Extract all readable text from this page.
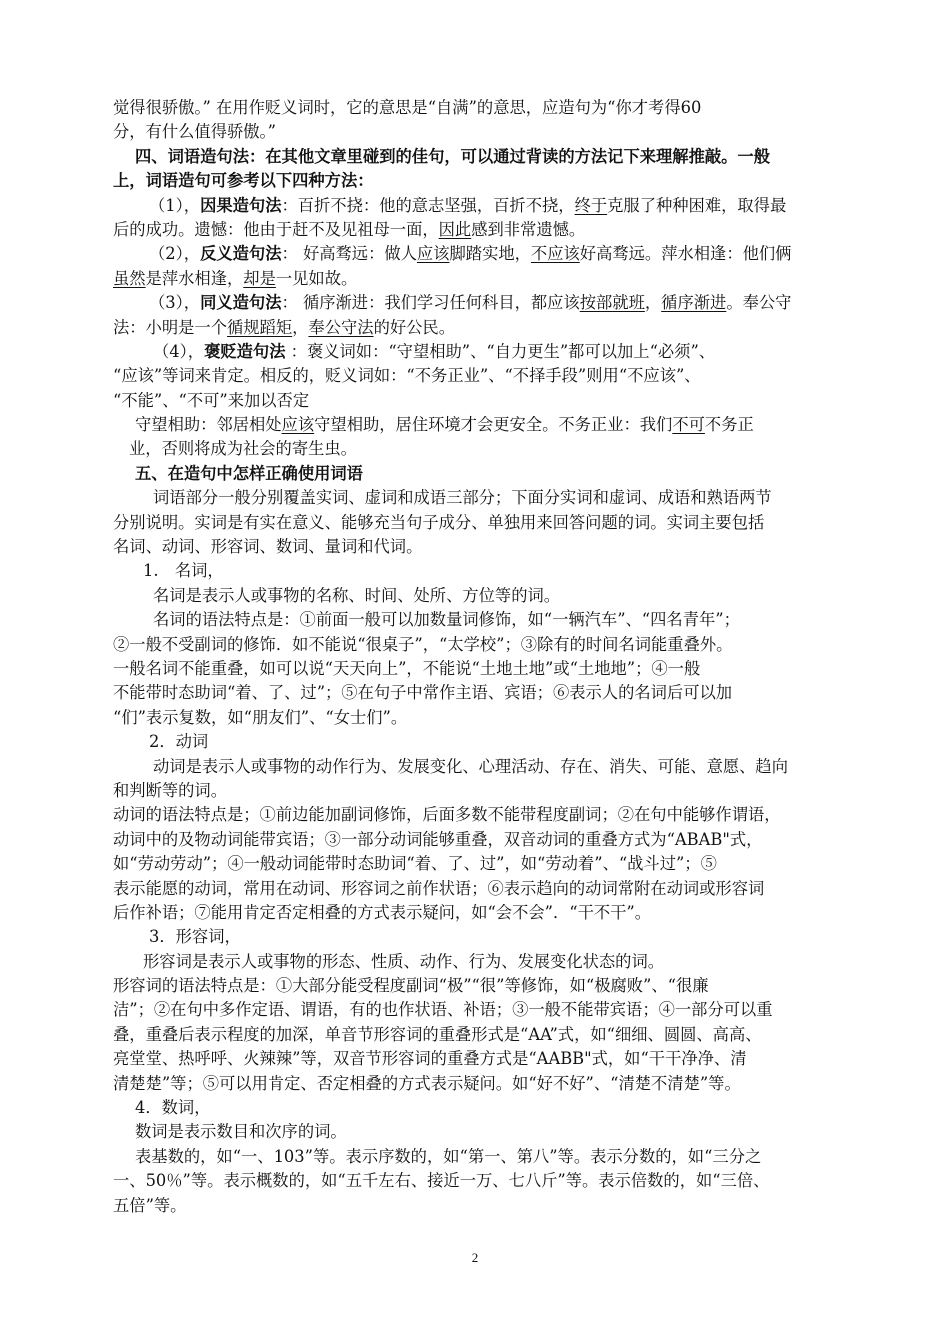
觉得很骄傲。” 在用作贬义词时，它的意思是“自满”的意思，应造句为“你才考得60
分，有什么值得骄傲。”
四、词语造句法：在其他文章里碰到的佳句，可以通过背读的方法记下来理解推敲。一般
上，词语造句可参考以下四种方法：
（1），因果造句法：百折不挠：他的意志坚强，百折不挠，终于克服了种种困难，取得最
后的成功。遗憾：他由于赶不及见祖母一面，因此感到非常遗憾。
（2），反义造句法： 好高骛远：做人应该脚踏实地，不应该好高骛远。萍水相逢：他们俩
虽然是萍水相逢，却是一见如故。
（3），同义造句法： 循序渐进：我们学习任何科目，都应该按部就班，循序渐进。奉公守
法：小明是一个循规蹈矩，奉公守法的好公民。
（4），褒贬造句法 ：褒义词如：“守望相助”、“自力更生”都可以加上“必须”、
“应该”等词来肯定。相反的，贬义词如：“不务正业”、“不择手段”则用“不应该”、
“不能”、“不可”来加以否定
守望相助：邻居相处应该守望相助，居住环境才会更安全。不务正业：我们不可不务正
业，否则将成为社会的寄生虫。
五、在造句中怎样正确使用词语
词语部分一般分别覆盖实词、虚词和成语三部分；下面分实词和虚词、成语和熟语两节
分别说明。实词是有实在意义、能够充当句子成分、单独用来回答问题的词。实词主要包括
名词、动词、形容词、数词、量词和代词。
1.　名词，
名词是表示人或事物的名称、时间、处所、方位等的词。
名词的语法特点是：①前面一般可以加数量词修饰，如“一辆汽车”、“四名青年”；
②一般不受副词的修饰．如不能说“很桌子”，“太学校”；③除有的时间名词能重叠外。
一般名词不能重叠，如可以说“天天向上”，不能说“土地土地”或“土地地”；④一般
不能带时态助词“着、了、过”；⑤在句子中常作主语、宾语；⑥表示人的名词后可以加
“们”表示复数，如“朋友们”、“女士们”。
2．动词
动词是表示人或事物的动作行为、发展变化、心理活动、存在、消失、可能、意愿、趋向
和判断等的词。
动词的语法特点是；①前边能加副词修饰，后面多数不能带程度副词；②在句中能够作谓语，
动词中的及物动词能带宾语；③一部分动词能够重叠，双音动词的重叠方式为“ABAB"式，
如“劳动劳动”；④一般动词能带时态助词“着、了、过”，如“劳动着”、“战斗过”；⑤
表示能愿的动词，常用在动词、形容词之前作状语；⑥表示趋向的动词常附在动词或形容词
后作补语；⑦能用肯定否定相叠的方式表示疑问，如“会不会”．“干不干”。
3．形容词，
形容词是表示人或事物的形态、性质、动作、行为、发展变化状态的词。
形容词的语法特点是：①大部分能受程度副词“极”“很”等修饰，如“极腐败”、“很廉
洁”；②在句中多作定语、谓语，有的也作状语、补语；③一般不能带宾语；④一部分可以重
叠，重叠后表示程度的加深，单音节形容词的重叠形式是“AA”式，如“细细、圆圆、高高、
亮堂堂、热呼呼、火辣辣”等，双音节形容词的重叠方式是“AABB"式，如“干干净净、清
清楚楚”等；⑤可以用肯定、否定相叠的方式表示疑问。如“好不好”、“清楚不清楚”等。
4．数词，
数词是表示数目和次序的词。
表基数的，如“一、103”等。表示序数的，如“第一、第八”等。表示分数的，如“三分之
一、50％”等。表示概数的，如“五千左右、接近一万、七八斤”等。表示倍数的，如“三倍、
五倍”等。
2
